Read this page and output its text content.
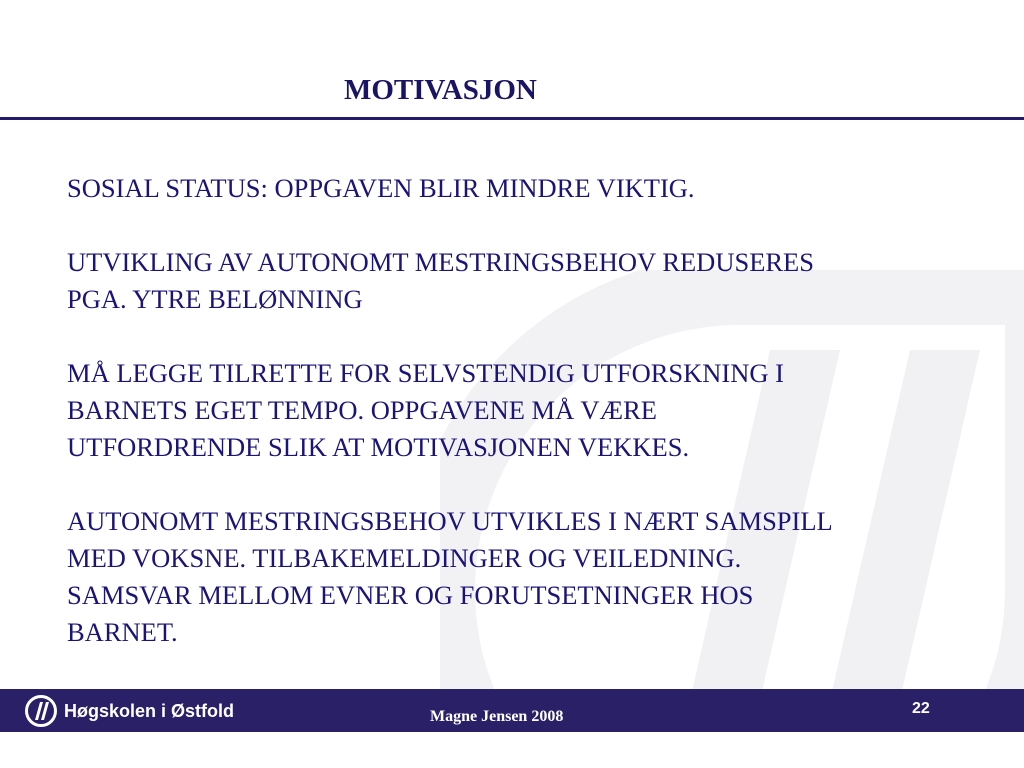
MOTIVASJON

SOSIAL STATUS: OPPGAVEN BLIR MINDRE VIKTIG.

UTVIKLING AV AUTONOMT MESTRINGSBEHOV REDUSERES
PGA. YTRE BELØNNING

MÅ LEGGE TILRETTE FOR SELVSTENDIG UTFORSKNING I
BARNETS EGET TEMPO. OPPGAVENE MÅ VÆRE
UTFORDRENDE SLIK AT MOTIVASJONEN VEKKES.

AUTONOMT MESTRINGSBEHOV UTVIKLES I NÆRT SAMSPILL
MED VOKSNE. TILBAKEMELDINGER OG VEILEDNING.
SAMSVAR MELLOM EVNER OG FORUTSETNINGER HOS
BARNET.

Høgskolen i Østfold	Magne Jensen 2008	22
